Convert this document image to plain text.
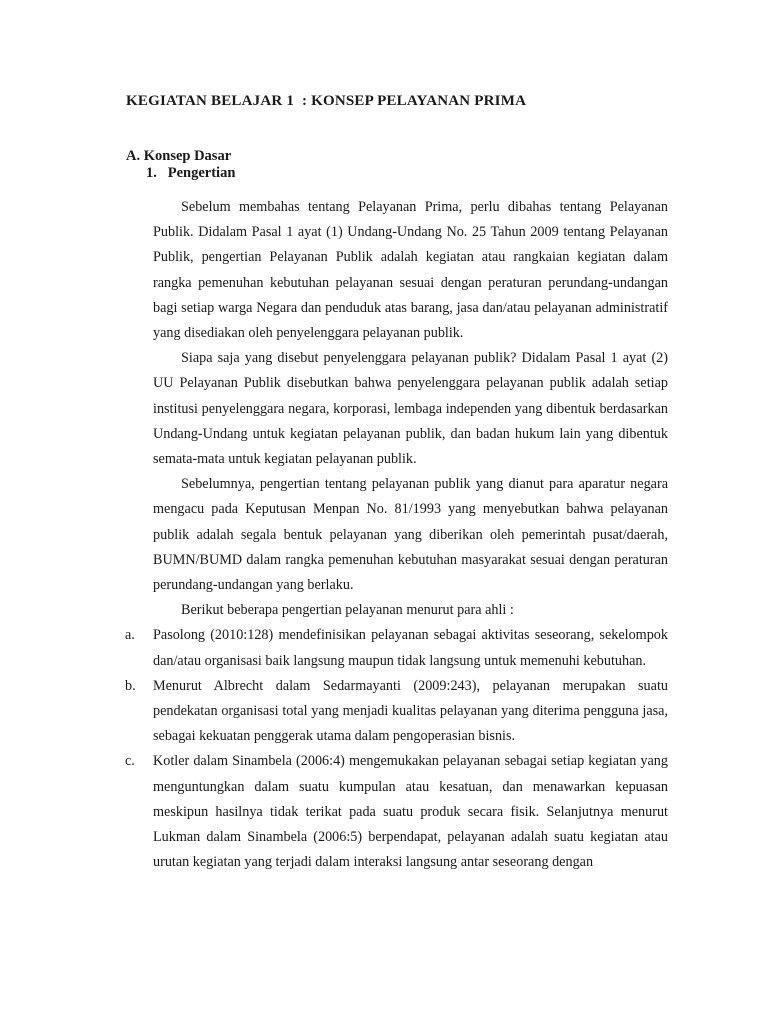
KEGIATAN BELAJAR 1  : KONSEP PELAYANAN PRIMA
A. Konsep Dasar
1.   Pengertian

Sebelum membahas tentang Pelayanan Prima, perlu dibahas tentang Pelayanan Publik. Didalam Pasal 1 ayat (1) Undang-Undang No. 25 Tahun 2009 tentang Pelayanan Publik, pengertian Pelayanan Publik adalah kegiatan atau rangkaian kegiatan dalam rangka pemenuhan kebutuhan pelayanan sesuai dengan peraturan perundang-undangan bagi setiap warga Negara dan penduduk atas barang, jasa dan/atau pelayanan administratif yang disediakan oleh penyelenggara pelayanan publik.

Siapa saja yang disebut penyelenggara pelayanan publik? Didalam Pasal 1 ayat (2) UU Pelayanan Publik disebutkan bahwa penyelenggara pelayanan publik adalah setiap institusi penyelenggara negara, korporasi, lembaga independen yang dibentuk berdasarkan Undang-Undang untuk kegiatan pelayanan publik, dan badan hukum lain yang dibentuk semata-mata untuk kegiatan pelayanan publik.

Sebelumnya, pengertian tentang pelayanan publik yang dianut para aparatur negara mengacu pada Keputusan Menpan No. 81/1993 yang menyebutkan bahwa pelayanan publik adalah segala bentuk pelayanan yang diberikan oleh pemerintah pusat/daerah, BUMN/BUMD dalam rangka pemenuhan kebutuhan masyarakat sesuai dengan peraturan perundang-undangan yang berlaku.

Berikut beberapa pengertian pelayanan menurut para ahli :

a. Pasolong (2010:128) mendefinisikan pelayanan sebagai aktivitas seseorang, sekelompok dan/atau organisasi baik langsung maupun tidak langsung untuk memenuhi kebutuhan.
b. Menurut Albrecht dalam Sedarmayanti (2009:243), pelayanan merupakan suatu pendekatan organisasi total yang menjadi kualitas pelayanan yang diterima pengguna jasa, sebagai kekuatan penggerak utama dalam pengoperasian bisnis.
c. Kotler dalam Sinambela (2006:4) mengemukakan pelayanan sebagai setiap kegiatan yang menguntungkan dalam suatu kumpulan atau kesatuan, dan menawarkan kepuasan meskipun hasilnya tidak terikat pada suatu produk secara fisik. Selanjutnya menurut Lukman dalam Sinambela (2006:5) berpendapat, pelayanan adalah suatu kegiatan atau urutan kegiatan yang terjadi dalam interaksi langsung antar seseorang dengan
